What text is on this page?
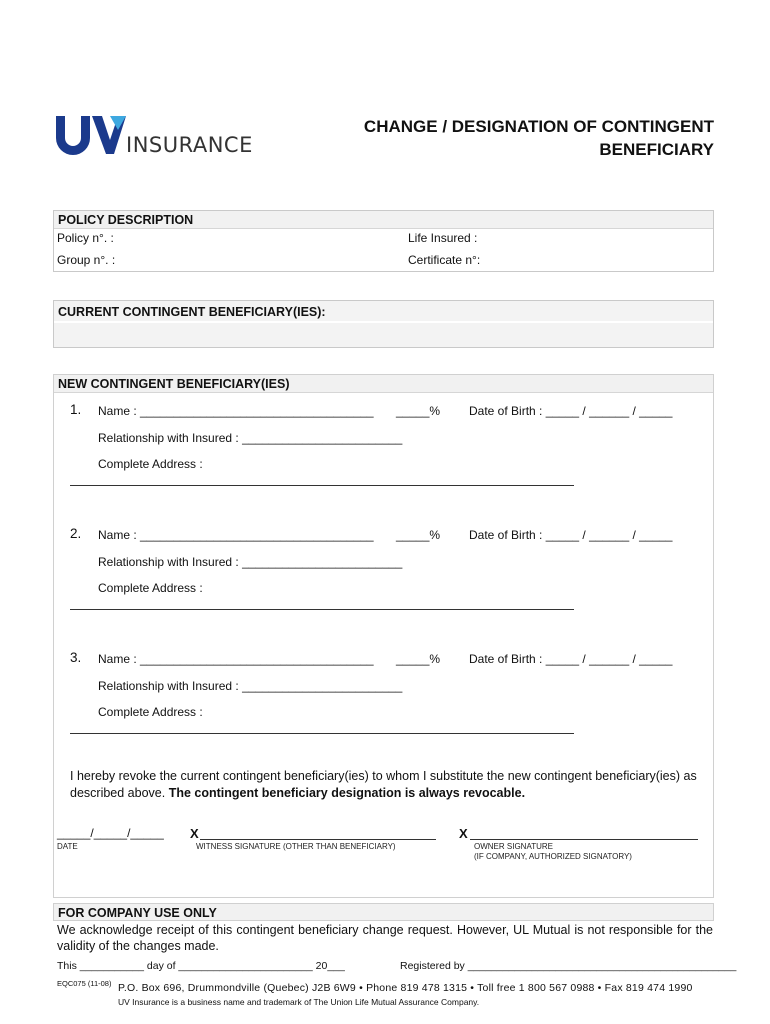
INSURANCE
CHANGE / DESIGNATION OF CONTINGENT
BENEFICIARY
POLICY DESCRIPTION
Policy n°. :	Life Insured :
Group n°. :	Certificate n°:
CURRENT CONTINGENT BENEFICIARY(IES):
NEW CONTINGENT BENEFICIARY(IES)
1. Name : ___________________________________ _____% Date of Birth : _____ / ______ / _____
Relationship with Insured : ________________________
Complete Address :
2. Name : ___________________________________ _____% Date of Birth : _____ / ______ / _____
Relationship with Insured : ________________________
Complete Address :
3. Name : ___________________________________ _____% Date of Birth : _____ / ______ / _____
Relationship with Insured : ________________________
Complete Address :
I hereby revoke the current contingent beneficiary(ies) to whom I substitute the new contingent beneficiary(ies) as described above. The contingent beneficiary designation is always revocable.
_____/_____/_____
DATE
X
WITNESS SIGNATURE (OTHER THAN BENEFICIARY)
X
OWNER SIGNATURE
(IF COMPANY, AUTHORIZED SIGNATORY)
FOR COMPANY USE ONLY
We acknowledge receipt of this contingent beneficiary change request. However, UL Mutual is not responsible for the validity of the changes made.
This ___________ day of _______________________ 20___	Registered by ______________________________________________
EQC075 (11-08) P.O. Box 696, Drummondville (Quebec) J2B 6W9 • Phone 819 478 1315 • Toll free 1 800 567 0988 • Fax 819 474 1990
UV Insurance is a business name and trademark of The Union Life Mutual Assurance Company.
